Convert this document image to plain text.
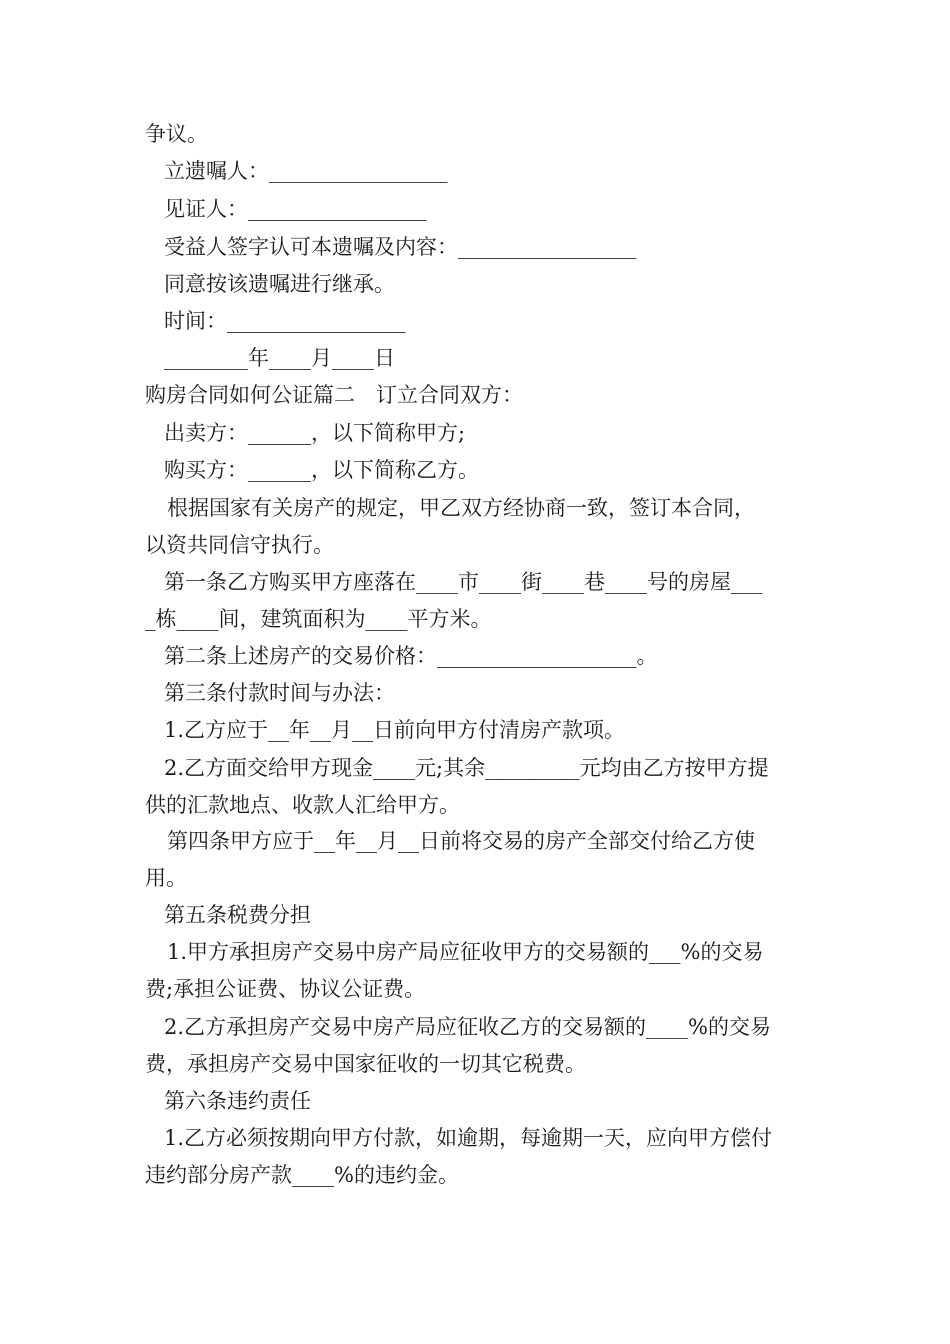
争议。
立遗嘱人：_________________
见证人：_________________
受益人签字认可本遗嘱及内容：_________________
同意按该遗嘱进行继承。
时间：_________________
________年____月____日
购房合同如何公证篇二　订立合同双方：
出卖方：______，以下简称甲方;
购买方：______，以下简称乙方。
根据国家有关房产的规定，甲乙双方经协商一致，签订本合同，
以资共同信守执行。
第一条乙方购买甲方座落在____市____街____巷____号的房屋___
_栋____间，建筑面积为____平方米。
第二条上述房产的交易价格：___________________。
第三条付款时间与办法：
1.乙方应于__年__月__日前向甲方付清房产款项。
2.乙方面交给甲方现金____元;其余_________元均由乙方按甲方提
供的汇款地点、收款人汇给甲方。
第四条甲方应于__年__月__日前将交易的房产全部交付给乙方使
用。
第五条税费分担
1.甲方承担房产交易中房产局应征收甲方的交易额的___%的交易
费;承担公证费、协议公证费。
2.乙方承担房产交易中房产局应征收乙方的交易额的____%的交易
费，承担房产交易中国家征收的一切其它税费。
第六条违约责任
1.乙方必须按期向甲方付款，如逾期，每逾期一天，应向甲方偿付
违约部分房产款____%的违约金。
